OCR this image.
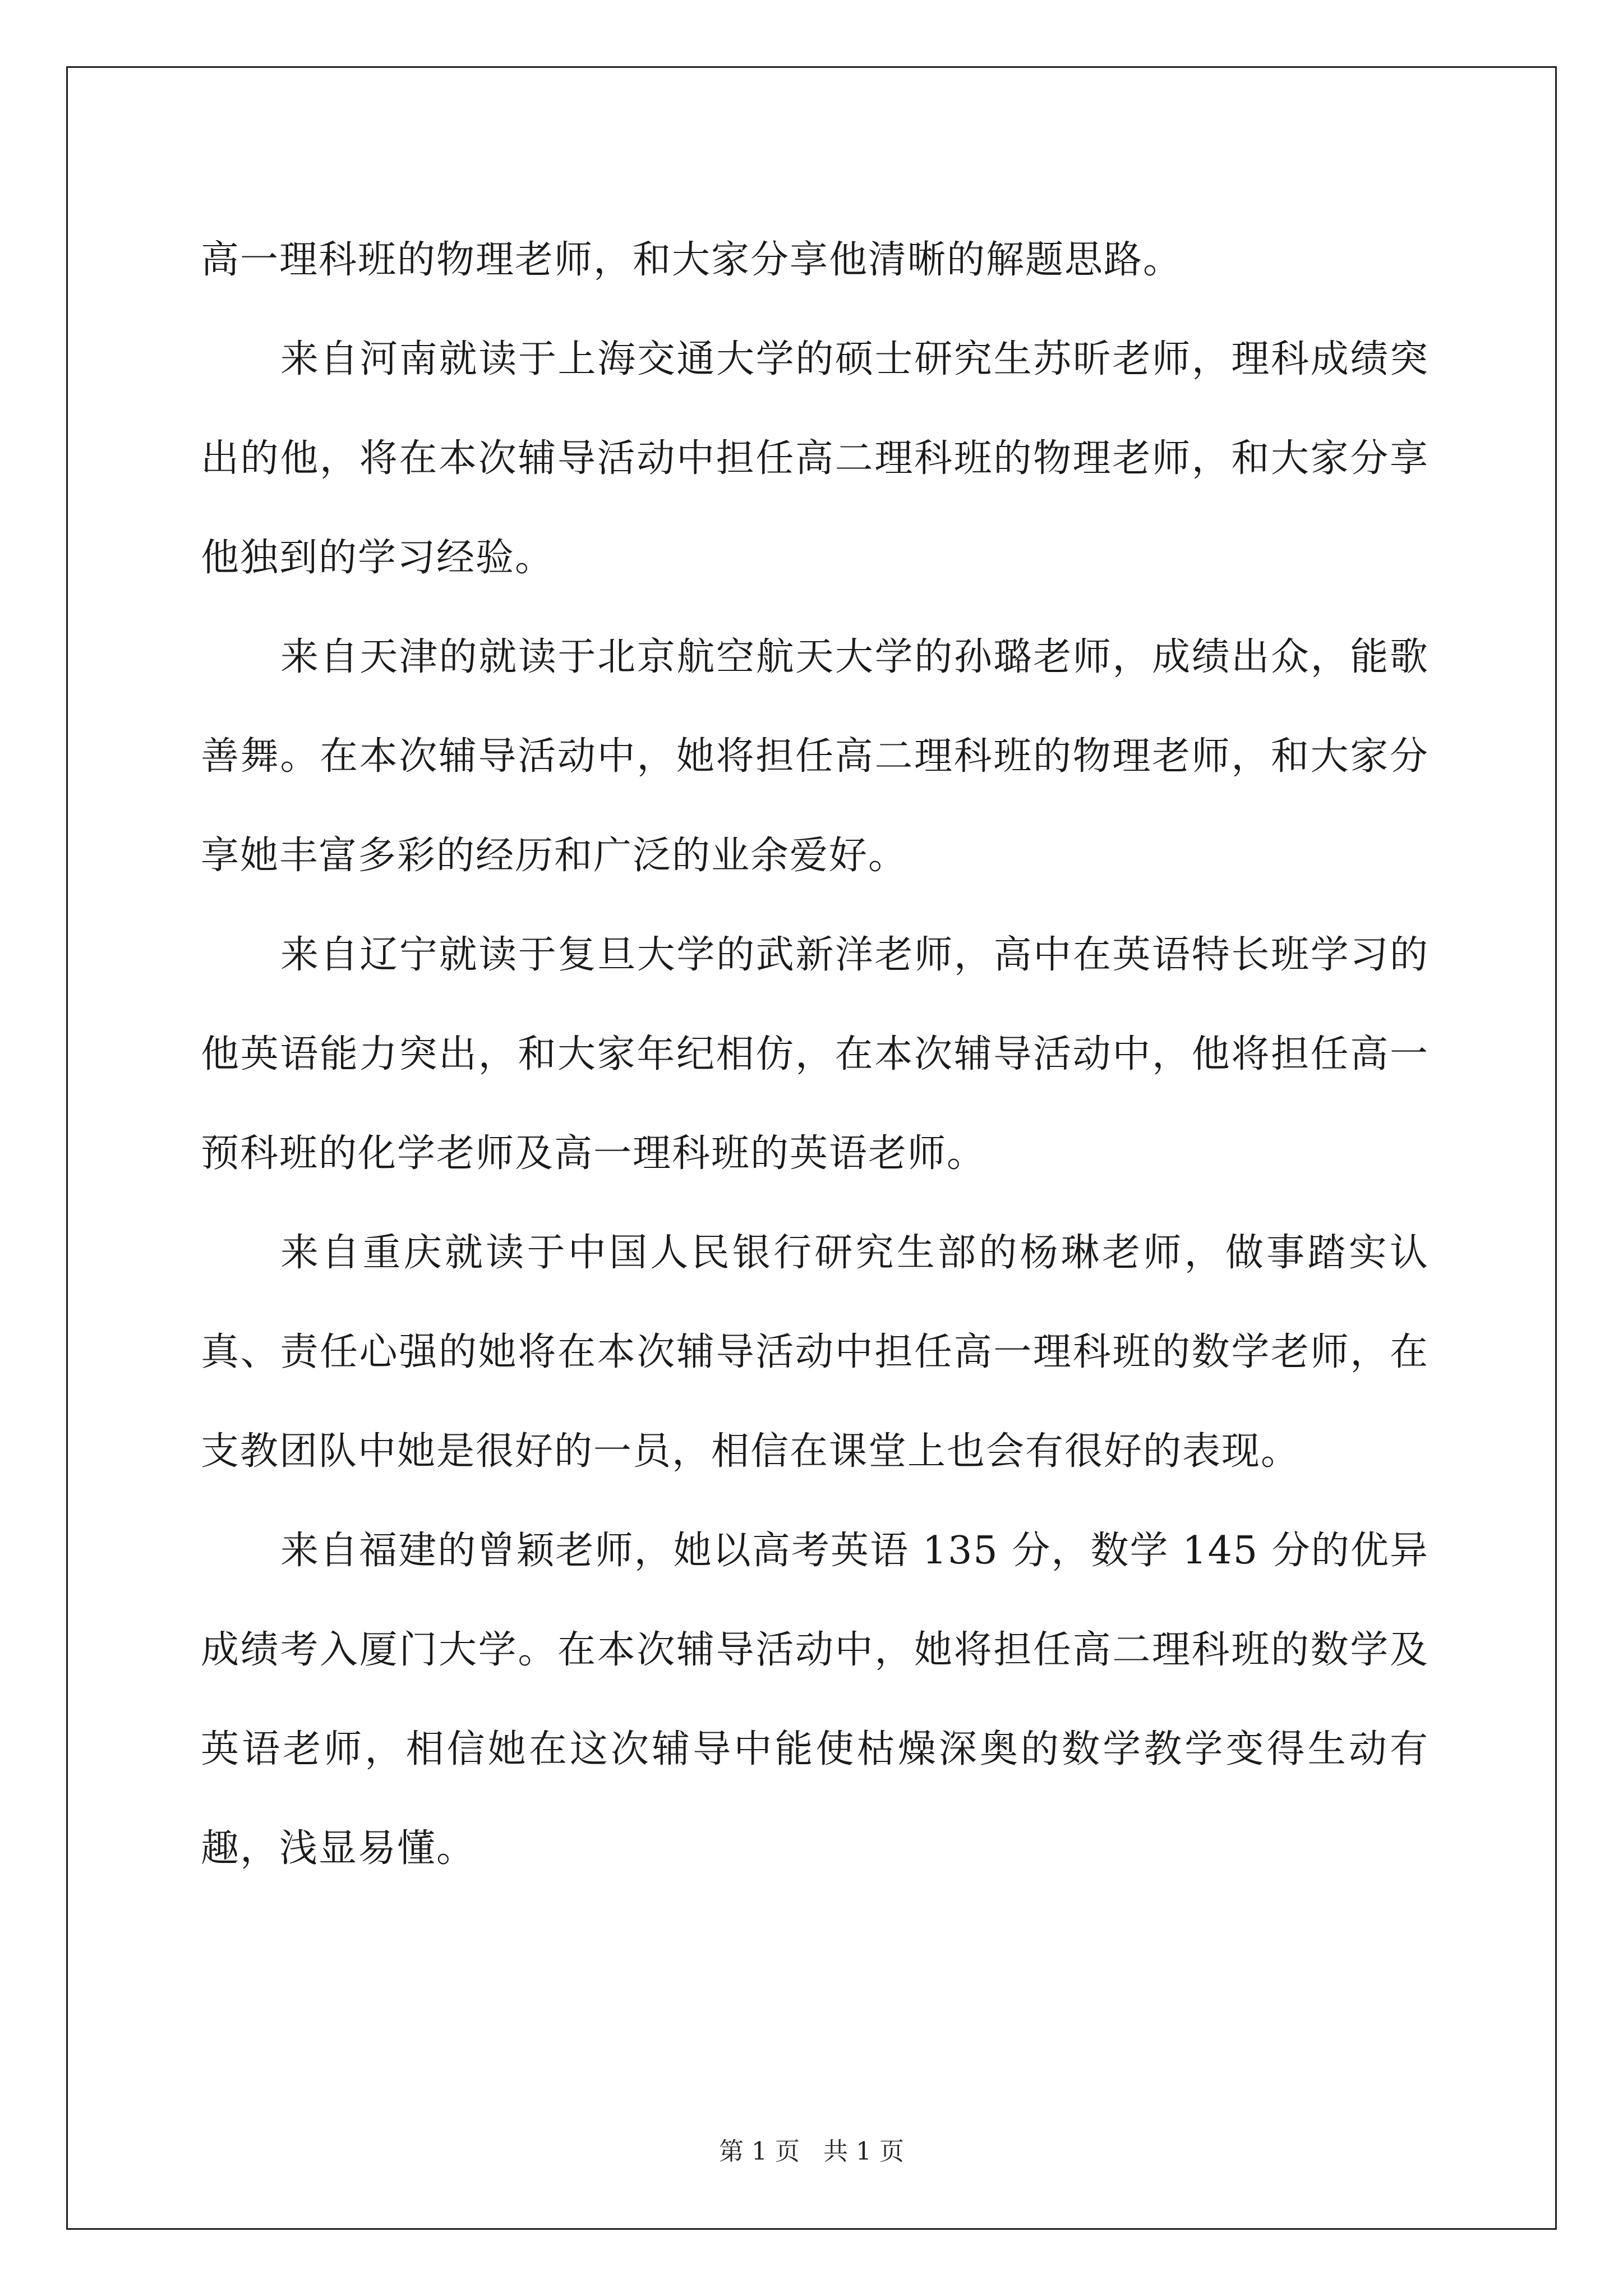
高一理科班的物理老师，和大家分享他清晰的解题思路。

来自河南就读于上海交通大学的硕士研究生苏昕老师，理科成绩突出的他，将在本次辅导活动中担任高二理科班的物理老师，和大家分享他独到的学习经验。

来自天津的就读于北京航空航天大学的孙璐老师，成绩出众，能歌善舞。在本次辅导活动中，她将担任高二理科班的物理老师，和大家分享她丰富多彩的经历和广泛的业余爱好。

来自辽宁就读于复旦大学的武新洋老师，高中在英语特长班学习的他英语能力突出，和大家年纪相仿，在本次辅导活动中，他将担任高一预科班的化学老师及高一理科班的英语老师。

来自重庆就读于中国人民银行研究生部的杨琳老师，做事踏实认真、责任心强的她将在本次辅导活动中担任高一理科班的数学老师，在支教团队中她是很好的一员，相信在课堂上也会有很好的表现。

来自福建的曾颖老师，她以高考英语 135 分，数学 145 分的优异成绩考入厦门大学。在本次辅导活动中，她将担任高二理科班的数学及英语老师，相信她在这次辅导中能使枯燥深奥的数学教学变得生动有趣，浅显易懂。

第 1 页 共 1 页
